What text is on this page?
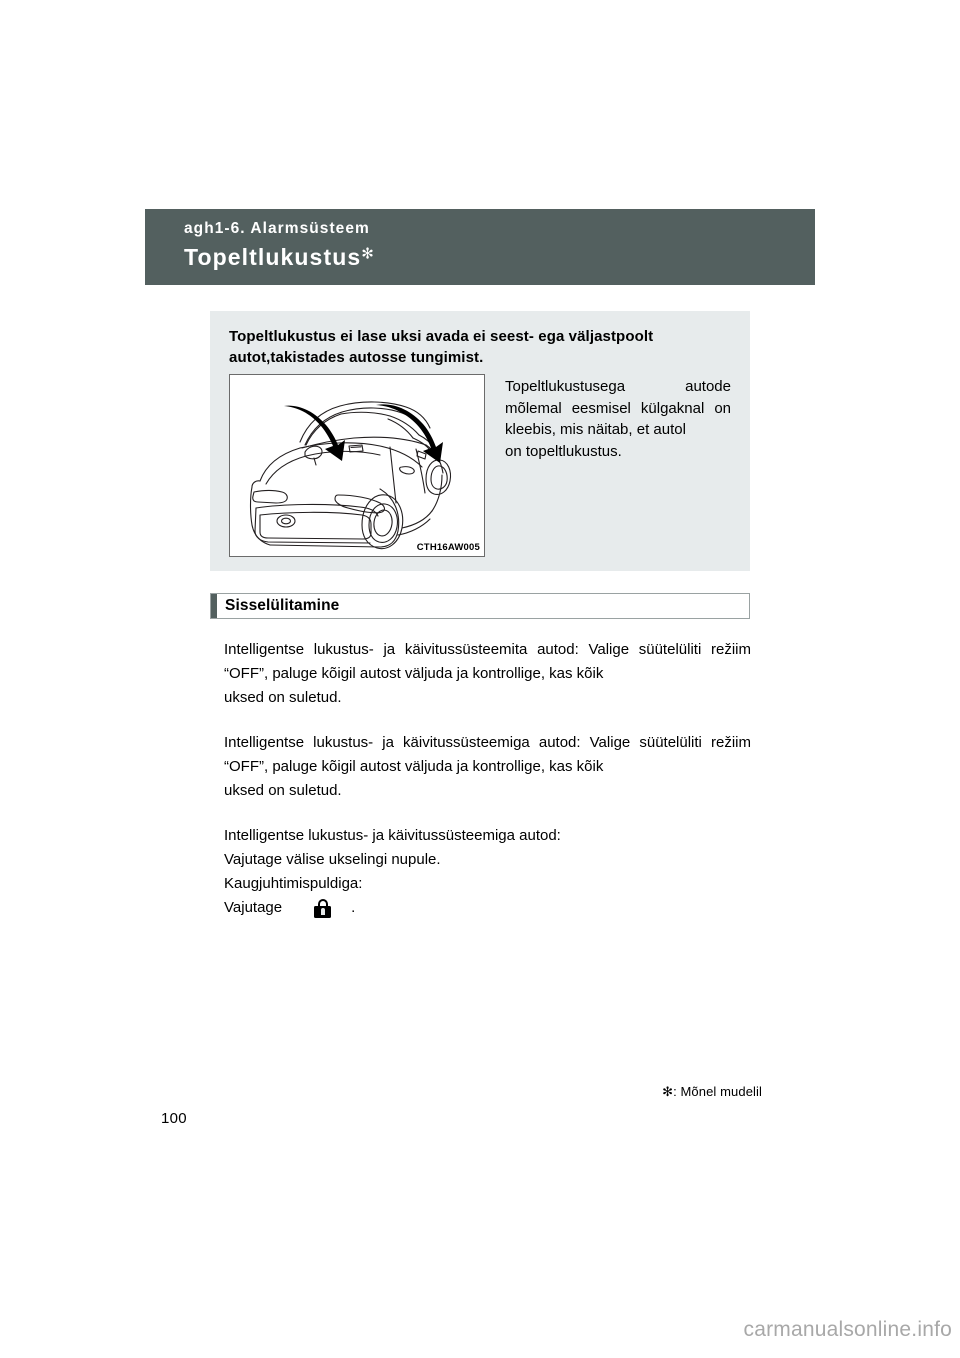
agh1-6. Alarmsüsteem
Topeltlukustus✻

Topeltlukustus ei lase uksi avada ei seest- ega väljastpoolt
autot,takistades autosse tungimist.

CTH16AW005

Topeltlukustusega autode mõlemal eesmisel külgaknal on kleebis, mis näitab, et autol
on topeltlukustus.

Sisselülitamine

Intelligentse lukustus- ja käivitussüsteemita autod: Valige süütelüliti režiim “OFF”, paluge kõigil autost väljuda ja kontrollige, kas kõik
uksed on suletud.

Intelligentse lukustus- ja käivitussüsteemiga autod: Valige süütelüliti režiim “OFF”, paluge kõigil autost väljuda ja kontrollige, kas kõik
uksed on suletud.

Intelligentse lukustus- ja käivitussüsteemiga autod:
Vajutage välise ukselingi nupule.
Kaugjuhtimispuldiga:
Vajutage	.
✻: Mõnel mudelil
100
carmanualsonline.info
